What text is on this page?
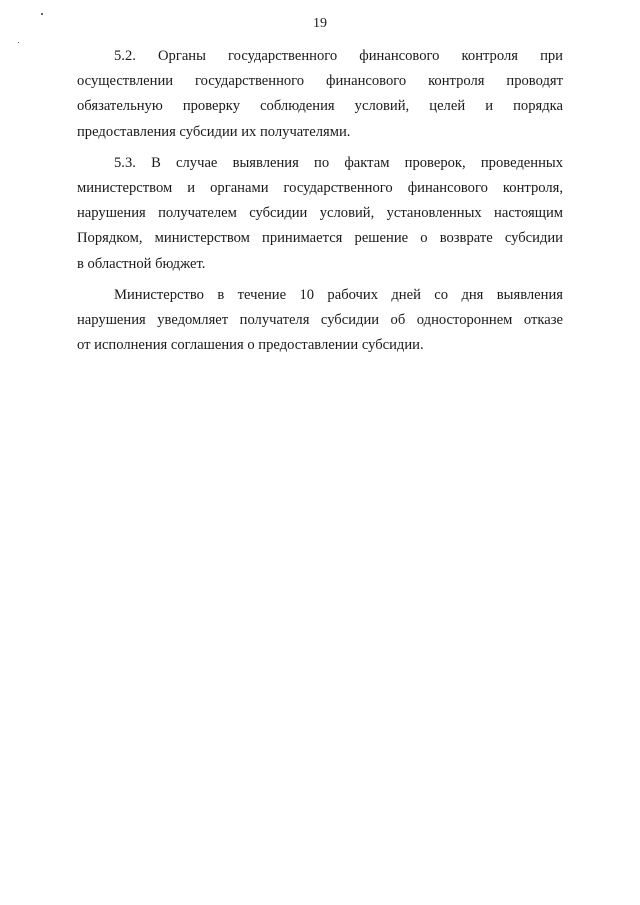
19
5.2. Органы государственного финансового контроля при
осуществлении государственного финансового контроля проводят
обязательную проверку соблюдения условий, целей и порядка
предоставления субсидии их получателями.
5.3. В случае выявления по фактам проверок, проведенных
министерством и органами государственного финансового контроля,
нарушения получателем субсидии условий, установленных настоящим
Порядком, министерством принимается решение о возврате субсидии
в областной бюджет.
Министерство в течение 10 рабочих дней со дня выявления
нарушения уведомляет получателя субсидии об одностороннем отказе
от исполнения соглашения о предоставлении субсидии.
